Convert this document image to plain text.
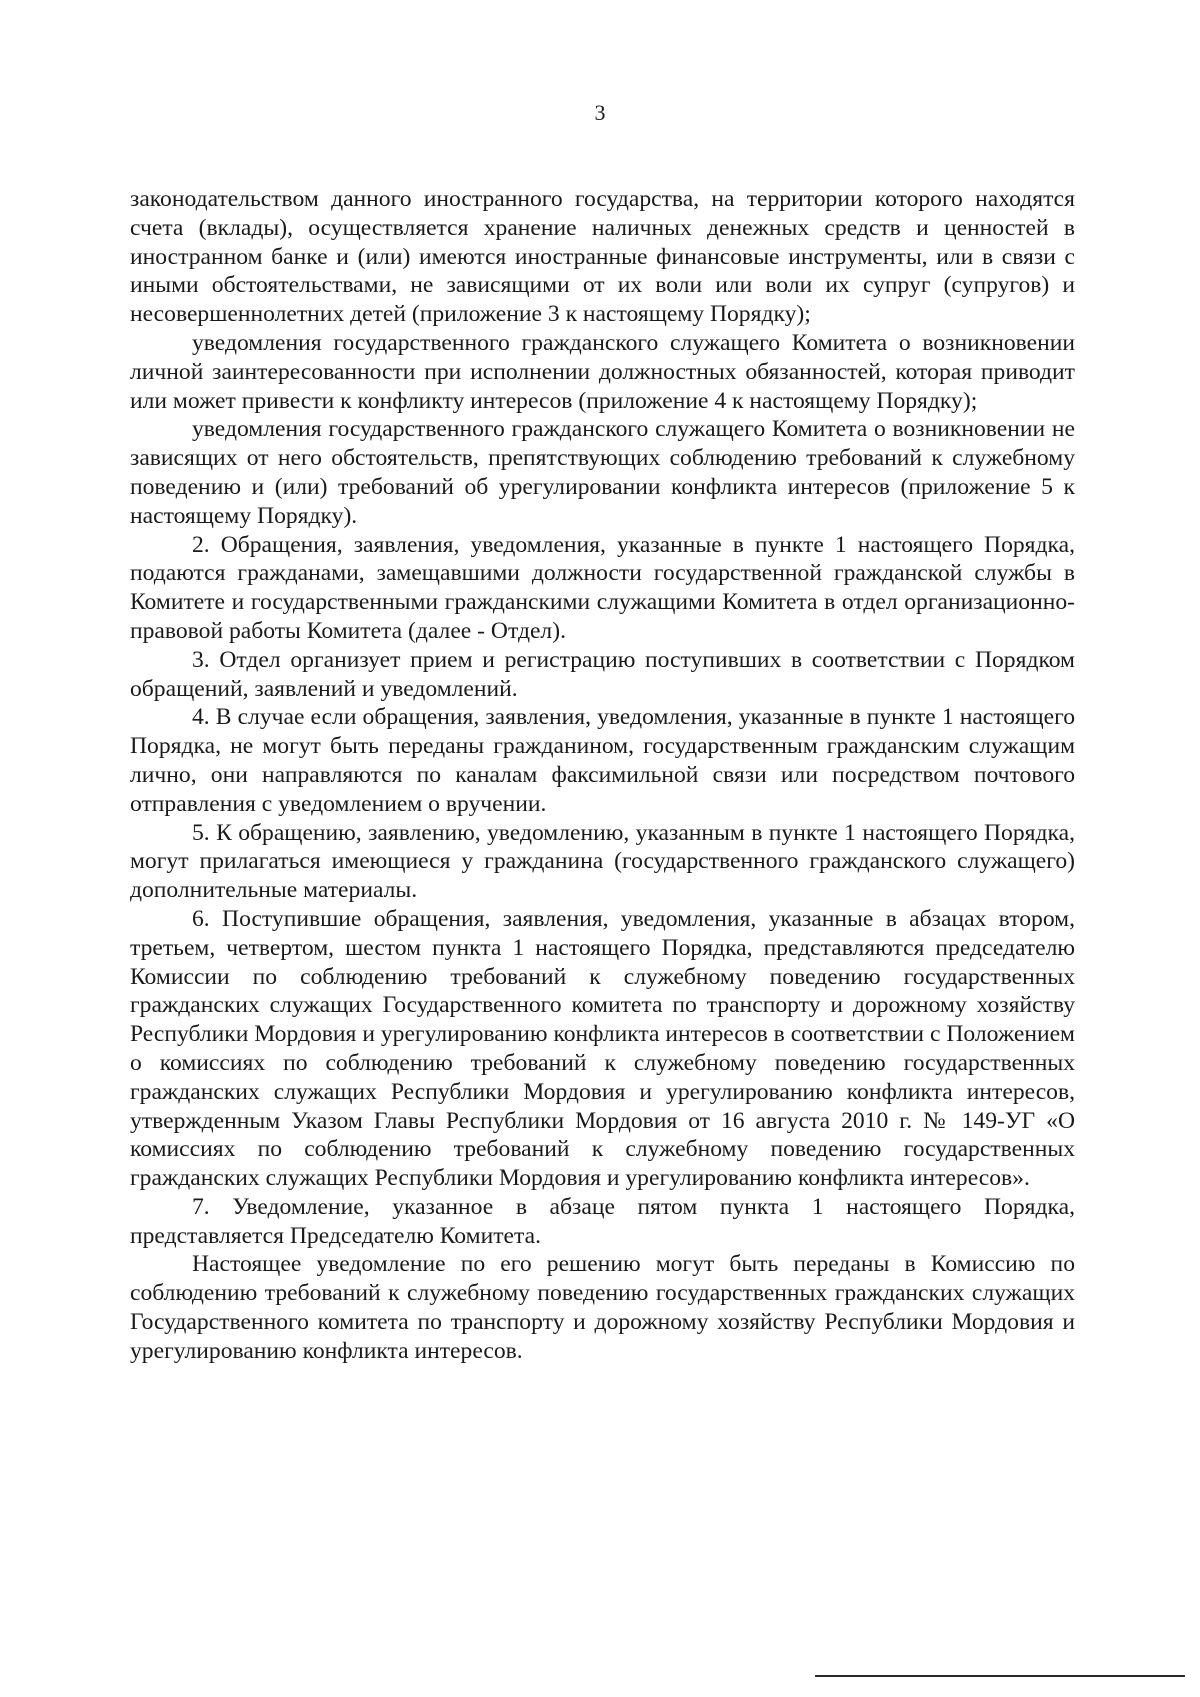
3

законодательством данного иностранного государства, на территории которого находятся счета (вклады), осуществляется хранение наличных денежных средств и ценностей в иностранном банке и (или) имеются иностранные финансовые инструменты, или в связи с иными обстоятельствами, не зависящими от их воли или воли их супруг (супругов) и несовершеннолетних детей (приложение 3 к настоящему Порядку);

уведомления государственного гражданского служащего Комитета о возникновении личной заинтересованности при исполнении должностных обязанностей, которая приводит или может привести к конфликту интересов (приложение 4 к настоящему Порядку);

уведомления государственного гражданского служащего Комитета о возникновении не зависящих от него обстоятельств, препятствующих соблюдению требований к служебному поведению и (или) требований об урегулировании конфликта интересов (приложение 5 к настоящему Порядку).

2. Обращения, заявления, уведомления, указанные в пункте 1 настоящего Порядка, подаются гражданами, замещавшими должности государственной гражданской службы в Комитете и государственными гражданскими служащими Комитета в отдел организационно-правовой работы Комитета (далее - Отдел).

3. Отдел организует прием и регистрацию поступивших в соответствии с Порядком обращений, заявлений и уведомлений.

4. В случае если обращения, заявления, уведомления, указанные в пункте 1 настоящего Порядка, не могут быть переданы гражданином, государственным гражданским служащим лично, они направляются по каналам факсимильной связи или посредством почтового отправления с уведомлением о вручении.

5. К обращению, заявлению, уведомлению, указанным в пункте 1 настоящего Порядка, могут прилагаться имеющиеся у гражданина (государственного гражданского служащего) дополнительные материалы.

6. Поступившие обращения, заявления, уведомления, указанные в абзацах втором, третьем, четвертом, шестом пункта 1 настоящего Порядка, представляются председателю Комиссии по соблюдению требований к служебному поведению государственных гражданских служащих Государственного комитета по транспорту и дорожному хозяйству Республики Мордовия и урегулированию конфликта интересов в соответствии с Положением о комиссиях по соблюдению требований к служебному поведению государственных гражданских служащих Республики Мордовия и урегулированию конфликта интересов, утвержденным Указом Главы Республики Мордовия от 16 августа 2010 г. № 149-УГ «О комиссиях по соблюдению требований к служебному поведению государственных гражданских служащих Республики Мордовия и урегулированию конфликта интересов».

7. Уведомление, указанное в абзаце пятом пункта 1 настоящего Порядка, представляется Председателю Комитета.

Настоящее уведомление по его решению могут быть переданы в Комиссию по соблюдению требований к служебному поведению государственных гражданских служащих Государственного комитета по транспорту и дорожному хозяйству Республики Мордовия и урегулированию конфликта интересов.
